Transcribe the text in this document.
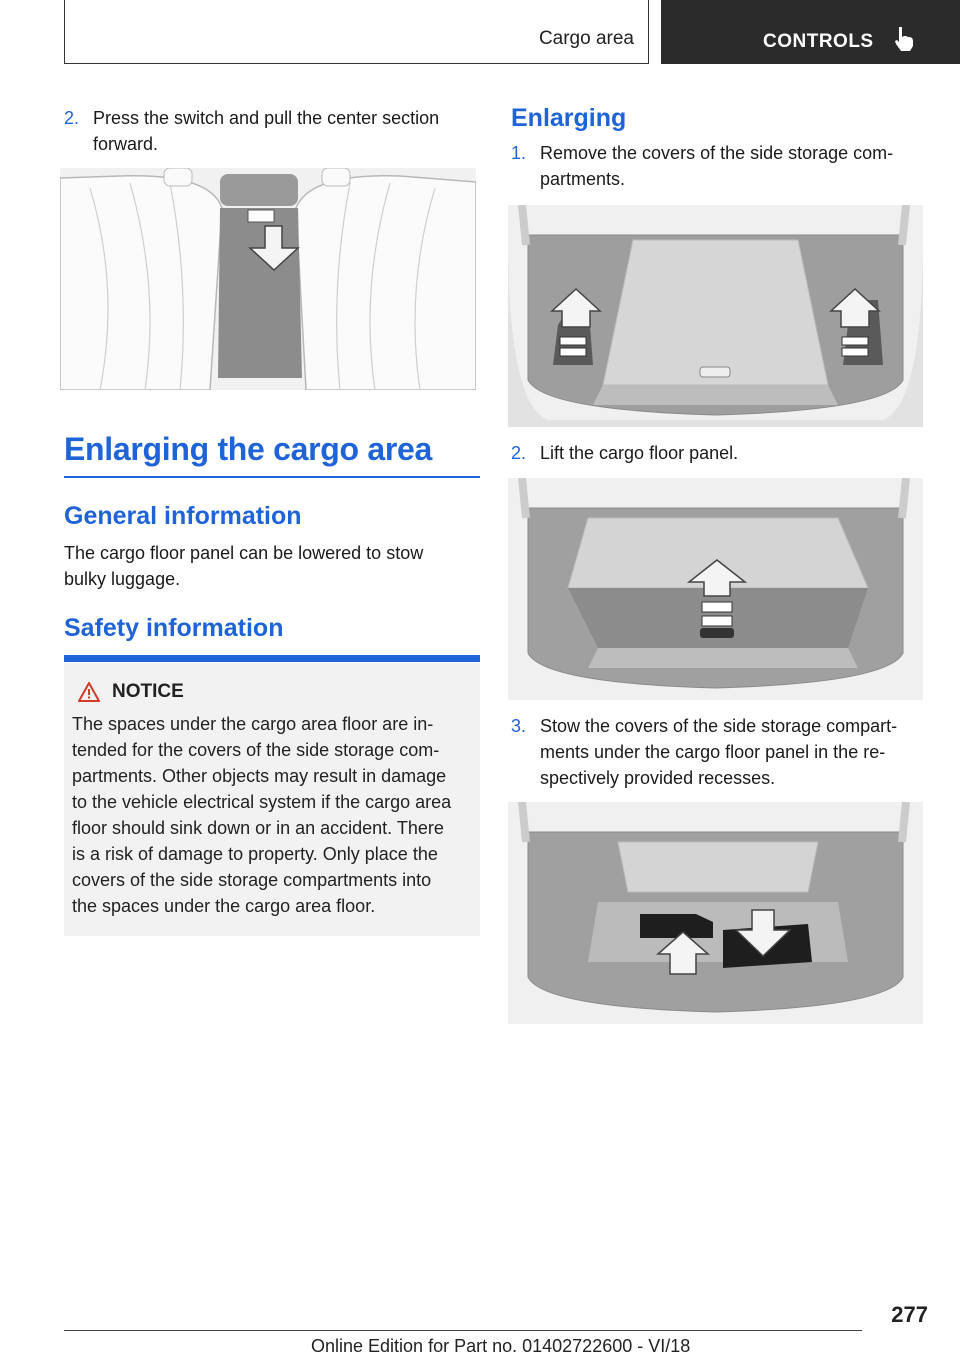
Cargo area	CONTROLS
2. Press the switch and pull the center section
forward.
Enlarging the cargo area
General information
The cargo floor panel can be lowered to stow
bulky luggage.
Safety information
NOTICE
The spaces under the cargo area floor are in-
tended for the covers of the side storage com-
partments. Other objects may result in damage
to the vehicle electrical system if the cargo area
floor should sink down or in an accident. There
is a risk of damage to property. Only place the
covers of the side storage compartments into
the spaces under the cargo area floor.
Enlarging
1. Remove the covers of the side storage com-
partments.
2. Lift the cargo floor panel.
3. Stow the covers of the side storage compart-
ments under the cargo floor panel in the re-
spectively provided recesses.
277
Online Edition for Part no. 01402722600 - VI/18
